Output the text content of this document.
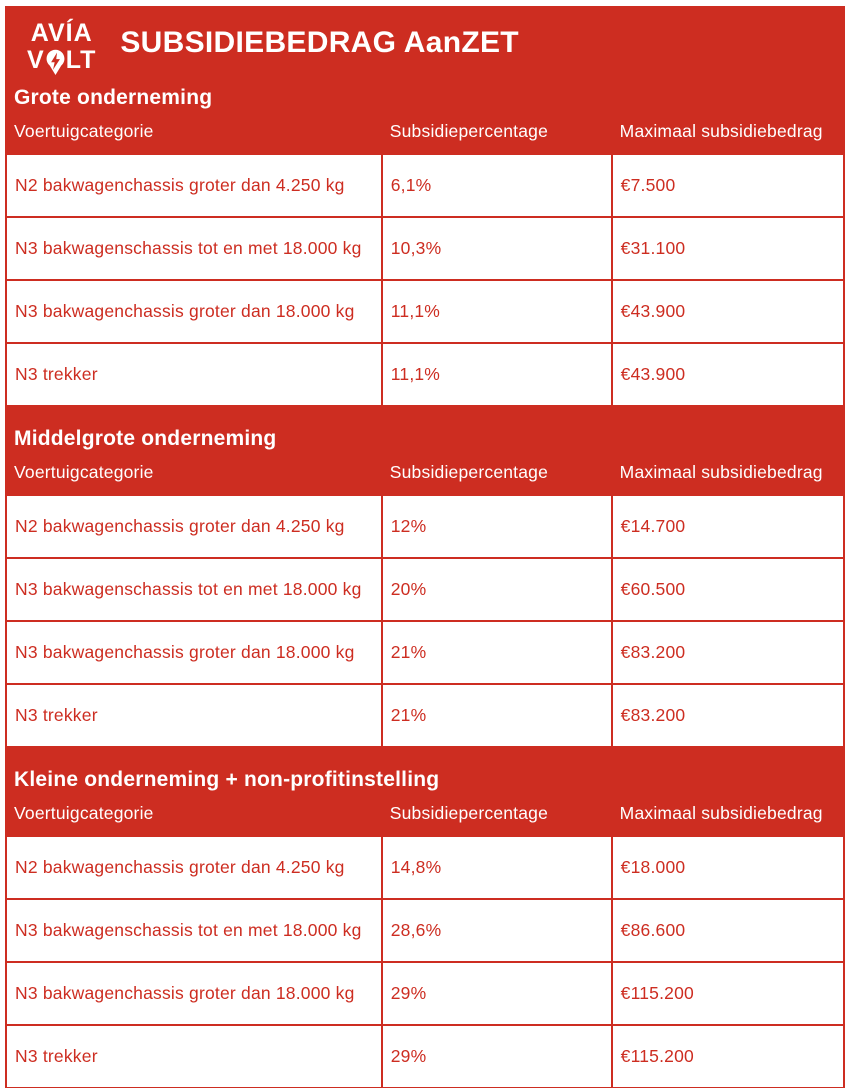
AVÍA
V LT
SUBSIDIEBEDRAG AanZET
Grote onderneming
Voertuigcategorie	Subsidiepercentage	Maximaal subsidiebedrag
N2 bakwagenchassis groter dan 4.250 kg	6,1%	€7.500
N3 bakwagenschassis tot en met 18.000 kg	10,3%	€31.100
N3 bakwagenchassis groter dan 18.000 kg	11,1%	€43.900
N3 trekker	11,1%	€43.900
Middelgrote onderneming
Voertuigcategorie	Subsidiepercentage	Maximaal subsidiebedrag
N2 bakwagenchassis groter dan 4.250 kg	12%	€14.700
N3 bakwagenschassis tot en met 18.000 kg	20%	€60.500
N3 bakwagenchassis groter dan 18.000 kg	21%	€83.200
N3 trekker	21%	€83.200
Kleine onderneming + non-profitinstelling
Voertuigcategorie	Subsidiepercentage	Maximaal subsidiebedrag
N2 bakwagenchassis groter dan 4.250 kg	14,8%	€18.000
N3 bakwagenschassis tot en met 18.000 kg	28,6%	€86.600
N3 bakwagenchassis groter dan 18.000 kg	29%	€115.200
N3 trekker	29%	€115.200
